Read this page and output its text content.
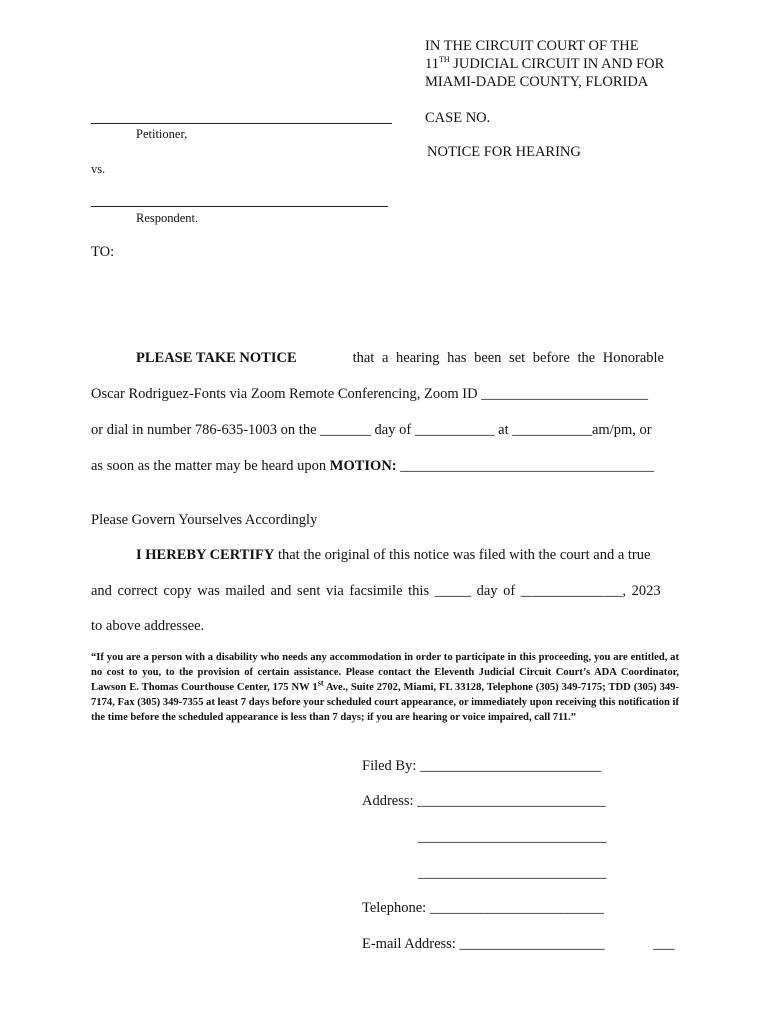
IN THE CIRCUIT COURT OF THE
11TH JUDICIAL CIRCUIT IN AND FOR
MIAMI-DADE COUNTY, FLORIDA
CASE NO.
NOTICE FOR HEARING
Petitioner,
vs.
Respondent.
TO:
PLEASE TAKE NOTICE	that a hearing has been set before the Honorable
Oscar Rodriguez-Fonts via Zoom Remote Conferencing, Zoom ID _______________________
or dial in number 786-635-1003 on the _______ day of ___________ at ___________am/pm, or
as soon as the matter may be heard upon MOTION: ___________________________________
Please Govern Yourselves Accordingly
I HEREBY CERTIFY that the original of this notice was filed with the court and a true
and correct copy was mailed and sent via facsimile this _____ day of ______________, 2023
to above addressee.
“If you are a person with a disability who needs any accommodation in order to participate in this proceeding, you are entitled, at no cost to you, to the provision of certain assistance. Please contact the Eleventh Judicial Circuit Court’s ADA Coordinator, Lawson E. Thomas Courthouse Center, 175 NW 1st Ave., Suite 2702, Miami, FL 33128, Telephone (305) 349-7175; TDD (305) 349-7174, Fax (305) 349-7355 at least 7 days before your scheduled court appearance, or immediately upon receiving this notification if the time before the scheduled appearance is less than 7 days; if you are hearing or voice impaired, call 711.”
Filed By: _________________________
Address: __________________________
__________________________
__________________________
Telephone: ________________________
E-mail Address: ____________________	___
